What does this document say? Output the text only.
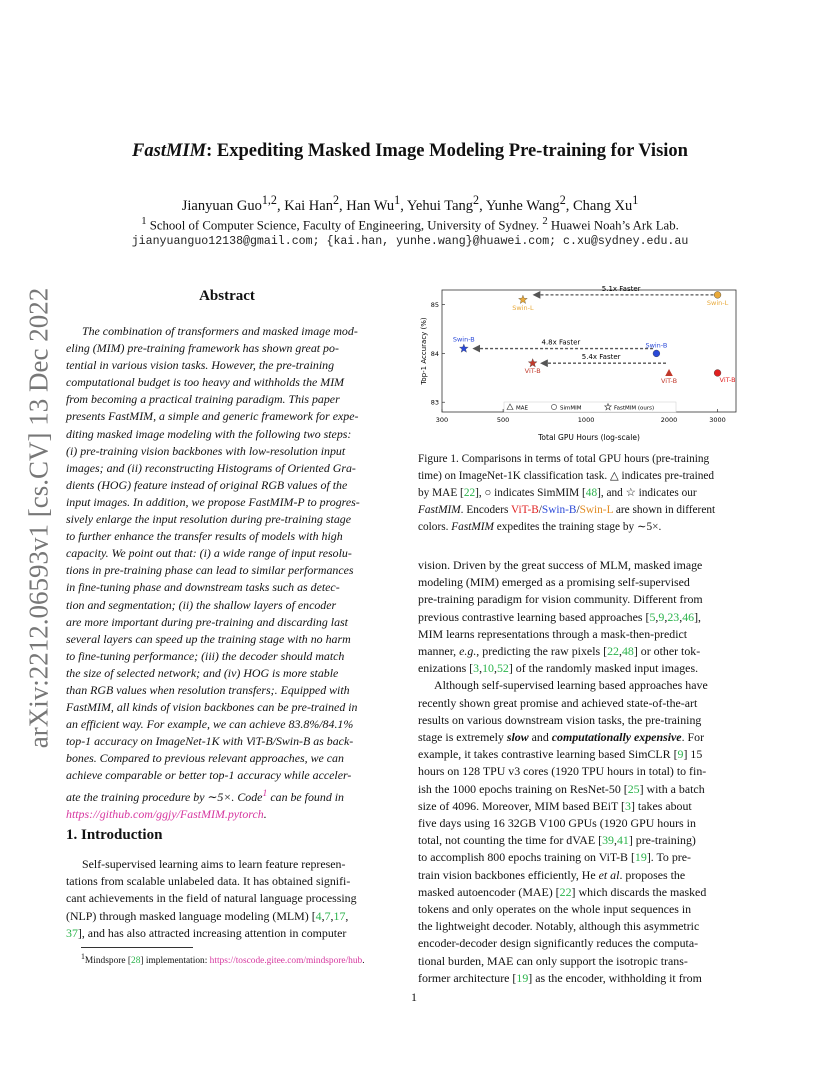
arXiv:2212.06593v1 [cs.CV] 13 Dec 2022
FastMIM: Expediting Masked Image Modeling Pre-training for Vision
Jianyuan Guo$^{1,2}$, Kai Han$^2$, Han Wu$^1$, Yehui Tang$^2$, Yunhe Wang$^2$, Chang Xu$^1$
$^1$ School of Computer Science, Faculty of Engineering, University of Sydney. $^2$ Huawei Noah’s Ark Lab.
jianyuanguo12138@gmail.com; {kai.han, yunhe.wang}@huawei.com; c.xu@sydney.edu.au
Abstract
The combination of transformers and masked image mod-
eling (MIM) pre-training framework has shown great po-
tential in various vision tasks. However, the pre-training
computational budget is too heavy and withholds the MIM
from becoming a practical training paradigm. This paper
presents FastMIM, a simple and generic framework for expe-
diting masked image modeling with the following two steps:
(i) pre-training vision backbones with low-resolution input
images; and (ii) reconstructing Histograms of Oriented Gra-
dients (HOG) feature instead of original RGB values of the
input images. In addition, we propose FastMIM-P to progres-
sively enlarge the input resolution during pre-training stage
to further enhance the transfer results of models with high
capacity. We point out that: (i) a wide range of input resolu-
tions in pre-training phase can lead to similar performances
in fine-tuning phase and downstream tasks such as detec-
tion and segmentation; (ii) the shallow layers of encoder
are more important during pre-training and discarding last
several layers can speed up the training stage with no harm
to fine-tuning performance; (iii) the decoder should match
the size of selected network; and (iv) HOG is more stable
than RGB values when resolution transfers;. Equipped with
FastMIM, all kinds of vision backbones can be pre-trained in
an efficient way. For example, we can achieve 83.8%/84.1%
top-1 accuracy on ImageNet-1K with ViT-B/Swin-B as back-
bones. Compared to previous relevant approaches, we can
achieve comparable or better top-1 accuracy while acceler-
ate the training procedure by ∼5×. Code$^1$ can be found in
https://github.com/ggjy/FastMIM.pytorch.
1. Introduction
Self-supervised learning aims to learn feature represen-
tations from scalable unlabeled data. It has obtained signifi-
cant achievements in the field of natural language processing
(NLP) through masked language modeling (MLM) [4,7,17,
37], and has also attracted increasing attention in computer
$^1$Mindspore [28] implementation: https://toscode.gitee.com/mindspore/hub.
83
84
85
300	500	1000	2000	3000
5.1x Faster
4.8x Faster
5.4x Faster
Swin-L
Swin-L
Swin-B
Swin-B
ViT-B	ViT-B
ViT-B
MAE	SimMIM	FastMIM (ours)
Total GPU Hours (log-scale)
Top-1 Accuracy (%)
Figure 1. Comparisons in terms of total GPU hours (pre-training
time) on ImageNet-1K classification task. △ indicates pre-trained
by MAE [22], ○ indicates SimMIM [48], and ☆ indicates our
FastMIM. Encoders ViT-B/Swin-B/Swin-L are shown in different
colors. FastMIM expedites the training stage by ∼5×.
vision. Driven by the great success of MLM, masked image
modeling (MIM) emerged as a promising self-supervised
pre-training paradigm for vision community. Different from
previous contrastive learning based approaches [5,9,23,46],
MIM learns representations through a mask-then-predict
manner, e.g., predicting the raw pixels [22,48] or other tok-
enizations [3,10,52] of the randomly masked input images.
Although self-supervised learning based approaches have
recently shown great promise and achieved state-of-the-art
results on various downstream vision tasks, the pre-training
stage is extremely slow and computationally expensive. For
example, it takes contrastive learning based SimCLR [9] 15
hours on 128 TPU v3 cores (1920 TPU hours in total) to fin-
ish the 1000 epochs training on ResNet-50 [25] with a batch
size of 4096. Moreover, MIM based BEiT [3] takes about
five days using 16 32GB V100 GPUs (1920 GPU hours in
total, not counting the time for dVAE [39,41] pre-training)
to accomplish 800 epochs training on ViT-B [19]. To pre-
train vision backbones efficiently, He et al. proposes the
masked autoencoder (MAE) [22] which discards the masked
tokens and only operates on the whole input sequences in
the lightweight decoder. Notably, although this asymmetric
encoder-decoder design significantly reduces the computa-
tional burden, MAE can only support the isotropic trans-
former architecture [19] as the encoder, withholding it from
1
